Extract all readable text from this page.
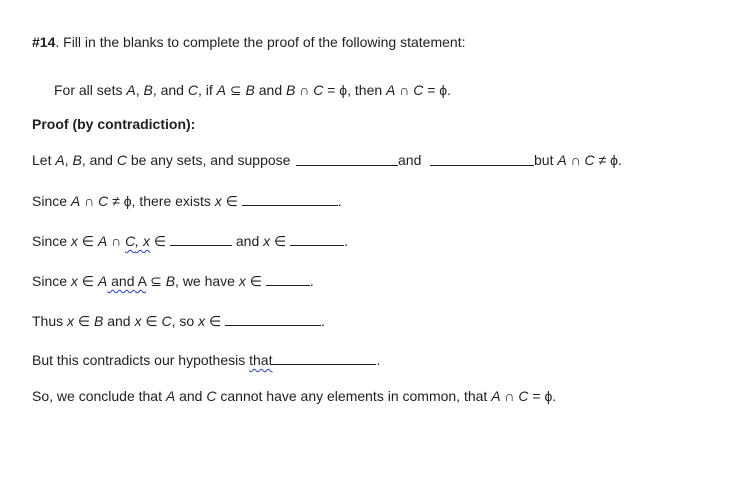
#14. Fill in the blanks to complete the proof of the following statement:
For all sets A, B, and C, if A ⊆ B and B ∩ C = ϕ, then A ∩ C = ϕ.
Proof (by contradiction):
Let A, B, and C be any sets, and suppose	and	but A ∩ C ≠ ϕ.
Since A ∩ C ≠ ϕ, there exists x ∈	.
Since x ∈ A ∩ C, x ∈	and x ∈	.
Since x ∈ A and A ⊆ B, we have x ∈	.
Thus x ∈ B and x ∈ C, so x ∈	.
But this contradicts our hypothesis that	.
So, we conclude that A and C cannot have any elements in common, that A ∩ C = ϕ.
